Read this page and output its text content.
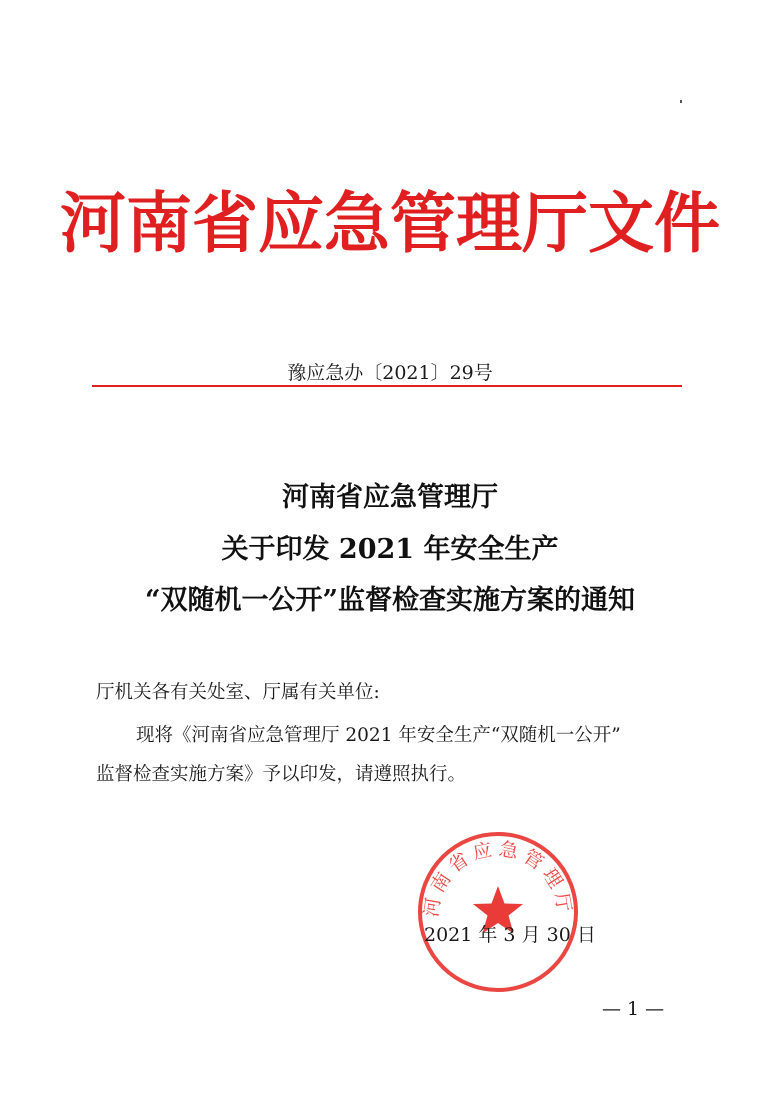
河南省应急管理厅文件
豫应急办〔2021〕29号
河南省应急管理厅
关于印发 2021 年安全生产
“双随机一公开”监督检查实施方案的通知
厅机关各有关处室、厅属有关单位:
现将《河南省应急管理厅 2021 年安全生产“双随机一公开”
监督检查实施方案》予以印发，请遵照执行。
河南省应急管理厅
2021 年 3 月 30 日
— 1 —
